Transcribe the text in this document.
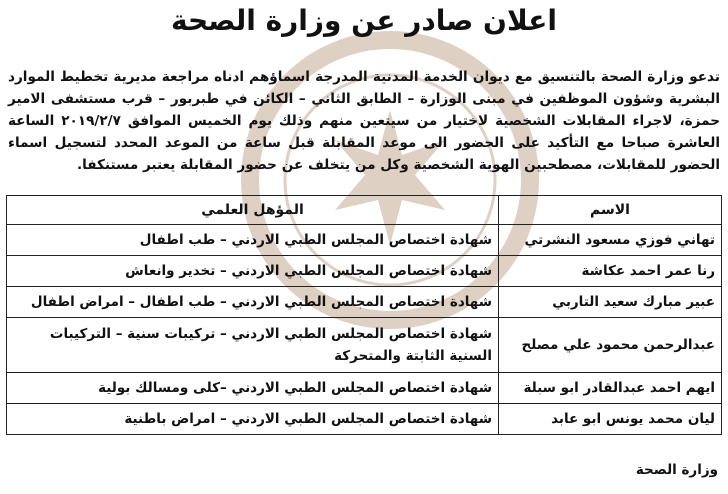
اعلان صادر عن وزارة الصحة

تدعو وزارة الصحة بالتنسيق مع ديوان الخدمة المدنية المدرجة اسماؤهم ادناه مراجعة مديرية تخطيط الموارد البشرية وشؤون الموظفين في مبنى الوزارة – الطابق الثاني – الكائن في طبربور – قرب مستشفى الامير حمزة، لاجراء المقابلات الشخصية لاختيار من سيتعين منهم وذلك يوم الخميس الموافق ٢٠١٩/٢/٧ الساعة العاشرة صباحا مع التأكيد على الحضور الى موعد المقابلة قبل ساعة من الموعد المحدد لتسجيل اسماء الحضور للمقابلات، مصطحبين الهوية الشخصية وكل من يتخلف عن حضور المقابلة يعتبر مستنكفا.

الاسم	المؤهل العلمي
تهاني فوزي مسعود النشرتي	شهادة اختصاص المجلس الطبي الاردني – طب اطفال
رنا عمر احمد عكاشة	شهادة اختصاص المجلس الطبي الاردني – تخدير وانعاش
عبير مبارك سعيد التاربي	شهادة اختصاص المجلس الطبي الاردني – طب اطفال – امراض اطفال
عبدالرحمن محمود علي مصلح	شهادة اختصاص المجلس الطبي الاردني – تركيبات سنية – التركيبات السنية الثابتة والمتحركة
ايهم احمد عبدالقادر ابو سبلة	شهادة اختصاص المجلس الطبي الاردني –كلى ومسالك بولية
ليان محمد يونس ابو عابد	شهادة اختصاص المجلس الطبي الاردني – امراض باطنية
وزارة الصحة
